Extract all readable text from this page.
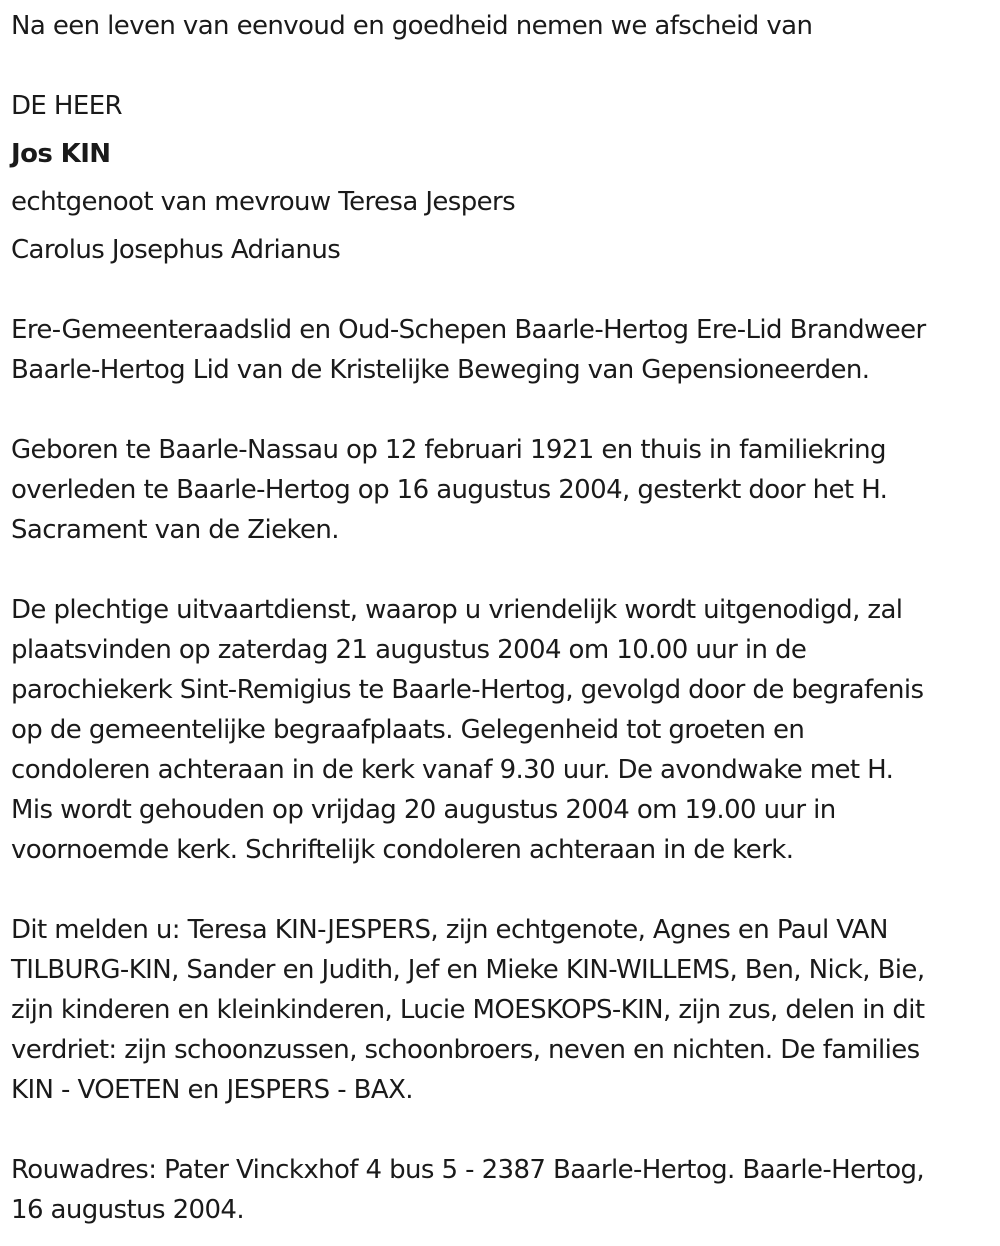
Na een leven van eenvoud en goedheid nemen we afscheid van

DE HEER

Jos KIN

echtgenoot van mevrouw Teresa Jespers

Carolus Josephus Adrianus

Ere-Gemeenteraadslid en Oud-Schepen Baarle-Hertog Ere-Lid Brandweer
Baarle-Hertog Lid van de Kristelijke Beweging van Gepensioneerden.
Geboren te Baarle-Nassau op 12 februari 1921 en thuis in familiekring
overleden te Baarle-Hertog op 16 augustus 2004, gesterkt door het H.
Sacrament van de Zieken.
De plechtige uitvaartdienst, waarop u vriendelijk wordt uitgenodigd, zal
plaatsvinden op zaterdag 21 augustus 2004 om 10.00 uur in de
parochiekerk Sint-Remigius te Baarle-Hertog, gevolgd door de begrafenis
op de gemeentelijke begraafplaats. Gelegenheid tot groeten en
condoleren achteraan in de kerk vanaf 9.30 uur. De avondwake met H.
Mis wordt gehouden op vrijdag 20 augustus 2004 om 19.00 uur in
voornoemde kerk. Schriftelijk condoleren achteraan in de kerk.
Dit melden u: Teresa KIN-JESPERS, zijn echtgenote, Agnes en Paul VAN
TILBURG-KIN, Sander en Judith, Jef en Mieke KIN-WILLEMS, Ben, Nick, Bie,
zijn kinderen en kleinkinderen, Lucie MOESKOPS-KIN, zijn zus, delen in dit
verdriet: zijn schoonzussen, schoonbroers, neven en nichten. De families
KIN - VOETEN en JESPERS - BAX.
Rouwadres: Pater Vinckxhof 4 bus 5 - 2387 Baarle-Hertog. Baarle-Hertog,
16 augustus 2004.
